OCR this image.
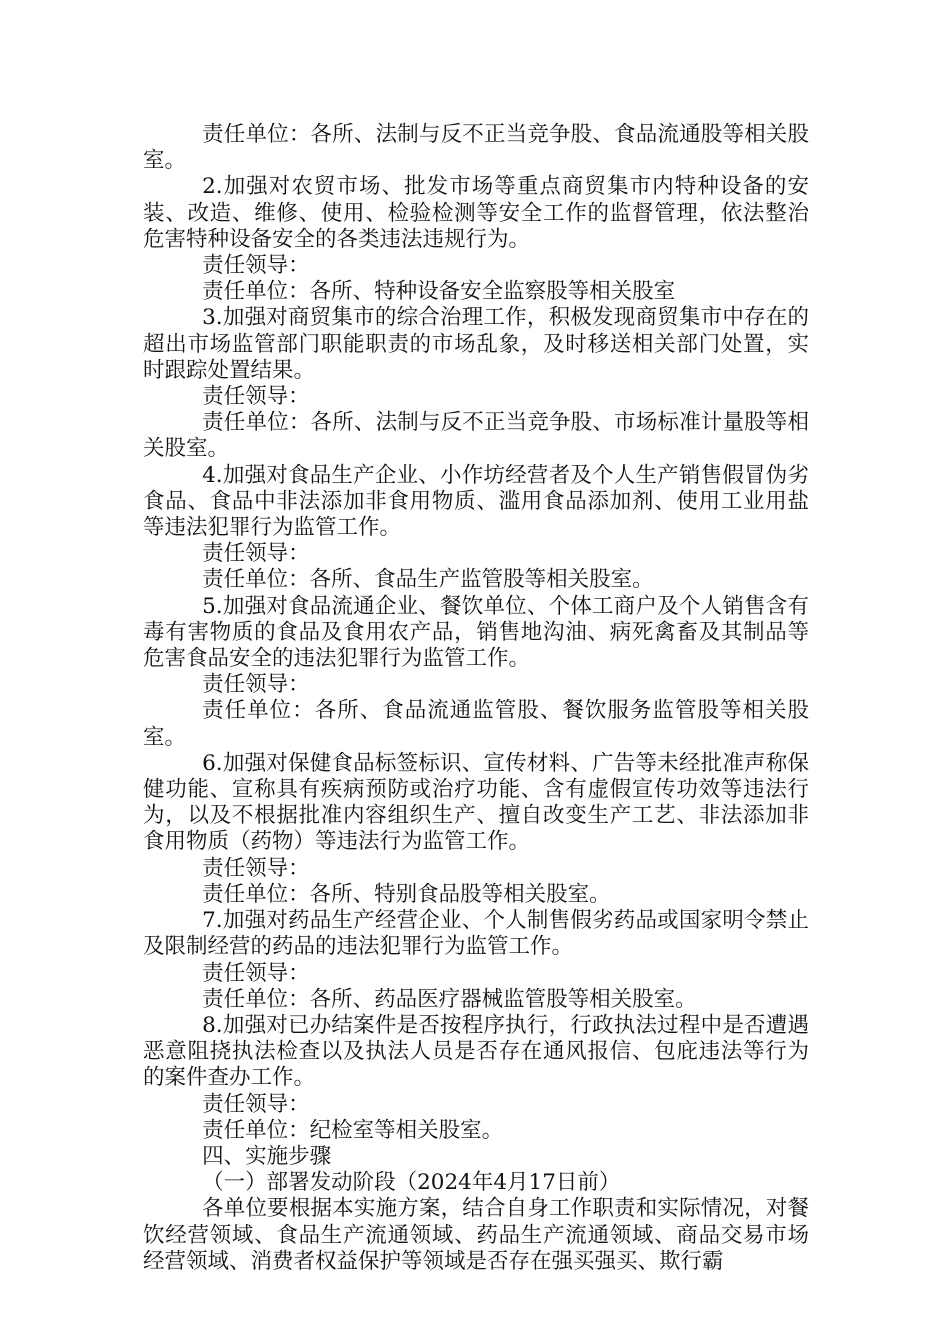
责任单位：各所、法制与反不正当竞争股、食品流通股等相关股室。

2.加强对农贸市场、批发市场等重点商贸集市内特种设备的安装、改造、维修、使用、检验检测等安全工作的监督管理，依法整治危害特种设备安全的各类违法违规行为。

责任领导：

责任单位：各所、特种设备安全监察股等相关股室

3.加强对商贸集市的综合治理工作，积极发现商贸集市中存在的超出市场监管部门职能职责的市场乱象，及时移送相关部门处置，实时跟踪处置结果。

责任领导：

责任单位：各所、法制与反不正当竞争股、市场标准计量股等相关股室。

4.加强对食品生产企业、小作坊经营者及个人生产销售假冒伪劣食品、食品中非法添加非食用物质、滥用食品添加剂、使用工业用盐等违法犯罪行为监管工作。

责任领导：

责任单位：各所、食品生产监管股等相关股室。

5.加强对食品流通企业、餐饮单位、个体工商户及个人销售含有毒有害物质的食品及食用农产品，销售地沟油、病死禽畜及其制品等危害食品安全的违法犯罪行为监管工作。

责任领导：

责任单位：各所、食品流通监管股、餐饮服务监管股等相关股室。

6.加强对保健食品标签标识、宣传材料、广告等未经批准声称保健功能、宣称具有疾病预防或治疗功能、含有虚假宣传功效等违法行为，以及不根据批准内容组织生产、擅自改变生产工艺、非法添加非食用物质（药物）等违法行为监管工作。

责任领导：

责任单位：各所、特别食品股等相关股室。

7.加强对药品生产经营企业、个人制售假劣药品或国家明令禁止及限制经营的药品的违法犯罪行为监管工作。

责任领导：

责任单位：各所、药品医疗器械监管股等相关股室。

8.加强对已办结案件是否按程序执行，行政执法过程中是否遭遇恶意阻挠执法检查以及执法人员是否存在通风报信、包庇违法等行为的案件查办工作。

责任领导：

责任单位：纪检室等相关股室。

四、实施步骤

（一）部署发动阶段（2024年4月17日前）

各单位要根据本实施方案，结合自身工作职责和实际情况，对餐饮经营领域、食品生产流通领域、药品生产流通领域、商品交易市场经营领域、消费者权益保护等领域是否存在强买强买、欺行霸
